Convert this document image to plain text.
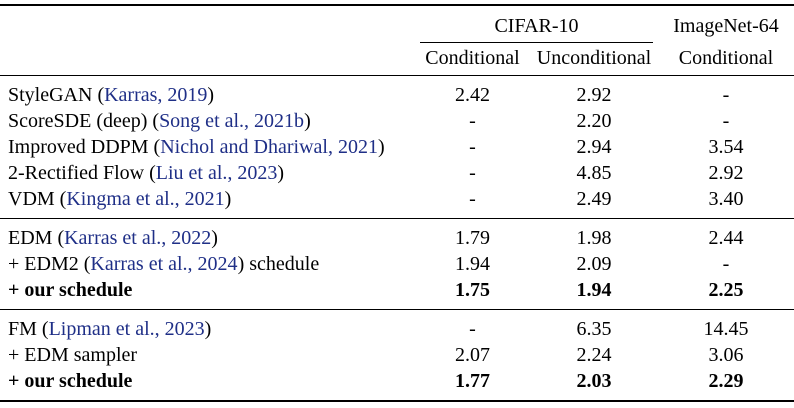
	CIFAR-10		ImageNet-64

	Conditional	Unconditional	Conditional
StyleGAN (Karras, 2019)	2.42	2.92	-
ScoreSDE (deep) (Song et al., 2021b)	-	2.20	-
Improved DDPM (Nichol and Dhariwal, 2021)	-	2.94	3.54
2-Rectified Flow (Liu et al., 2023)	-	4.85	2.92
VDM (Kingma et al., 2021)	-	2.49	3.40
EDM (Karras et al., 2022)	1.79	1.98	2.44
+ EDM2 (Karras et al., 2024) schedule	1.94	2.09	-
+ our schedule	1.75	1.94	2.25
FM (Lipman et al., 2023)	-	6.35	14.45
+ EDM sampler	2.07	2.24	3.06
+ our schedule	1.77	2.03	2.29
